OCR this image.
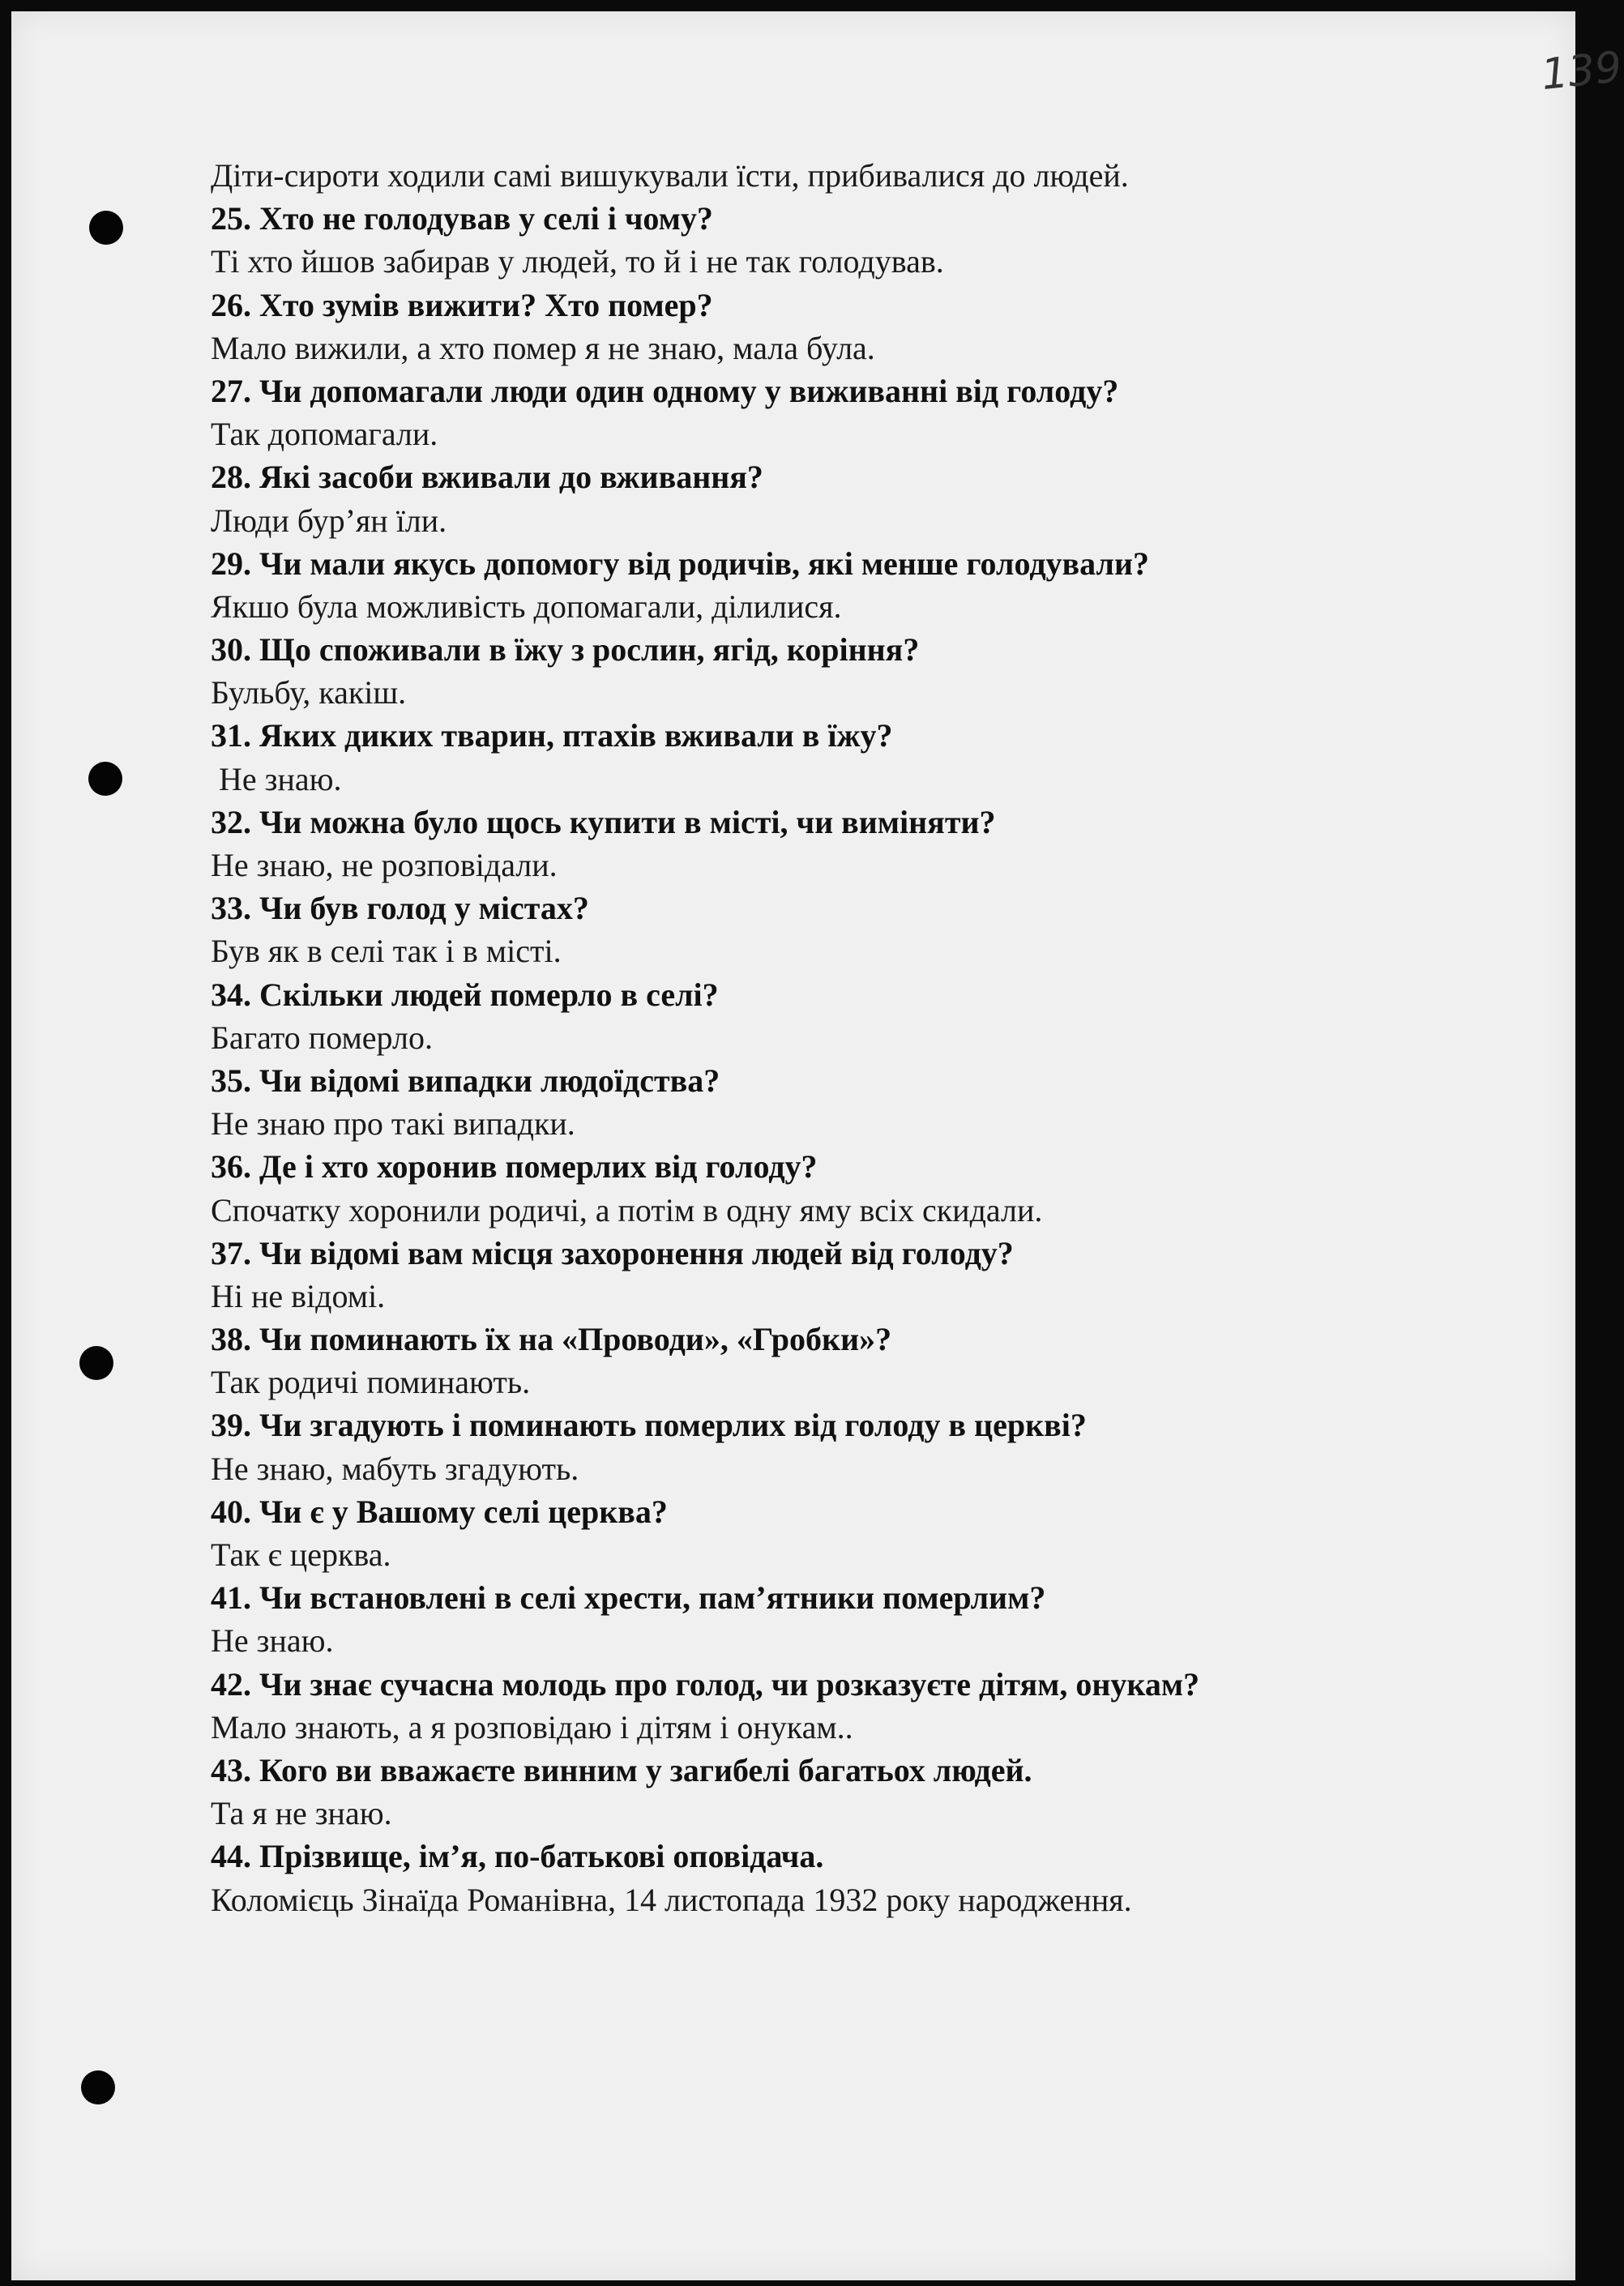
139
Діти-сироти ходили самі вишукували їсти, прибивалися до людей.
25. Хто не голодував у селі і чому?
Ті хто йшов забирав у людей, то й і не так голодував.
26. Хто зумів вижити? Хто помер?
Мало вижили, а хто помер я не знаю, мала була.
27. Чи допомагали люди один одному у виживанні від голоду?
Так допомагали.
28. Які засоби вживали до вживання?
Люди бур’ян їли.
29. Чи мали якусь допомогу від родичів, які менше голодували?
Якшо була можливість допомагали, ділилися.
30. Що споживали в їжу з рослин, ягід, коріння?
Бульбу, какіш.
31. Яких диких тварин, птахів вживали в їжу?
Не знаю.
32. Чи можна було щось купити в місті, чи виміняти?
Не знаю, не розповідали.
33. Чи був голод у містах?
Був як в селі так і в місті.
34. Скільки людей померло в селі?
Багато померло.
35. Чи відомі випадки людоїдства?
Не знаю про такі випадки.
36. Де і хто хоронив померлих від голоду?
Спочатку хоронили родичі, а потім в одну яму всіх скидали.
37. Чи відомі вам місця захоронення людей від голоду?
Ні не відомі.
38. Чи поминають їх на «Проводи», «Гробки»?
Так родичі поминають.
39. Чи згадують і поминають померлих від голоду в церкві?
Не знаю, мабуть згадують.
40. Чи є у Вашому селі церква?
Так є церква.
41. Чи встановлені в селі хрести, пам’ятники померлим?
Не знаю.
42. Чи знає сучасна молодь про голод, чи розказуєте дітям, онукам?
Мало знають, а я розповідаю і дітям і онукам..
43. Кого ви вважаєте винним у загибелі багатьох людей.
Та я не знаю.
44. Прізвище, ім’я, по-батькові оповідача.
Коломієць Зінаїда Романівна, 14 листопада 1932 року народження.
